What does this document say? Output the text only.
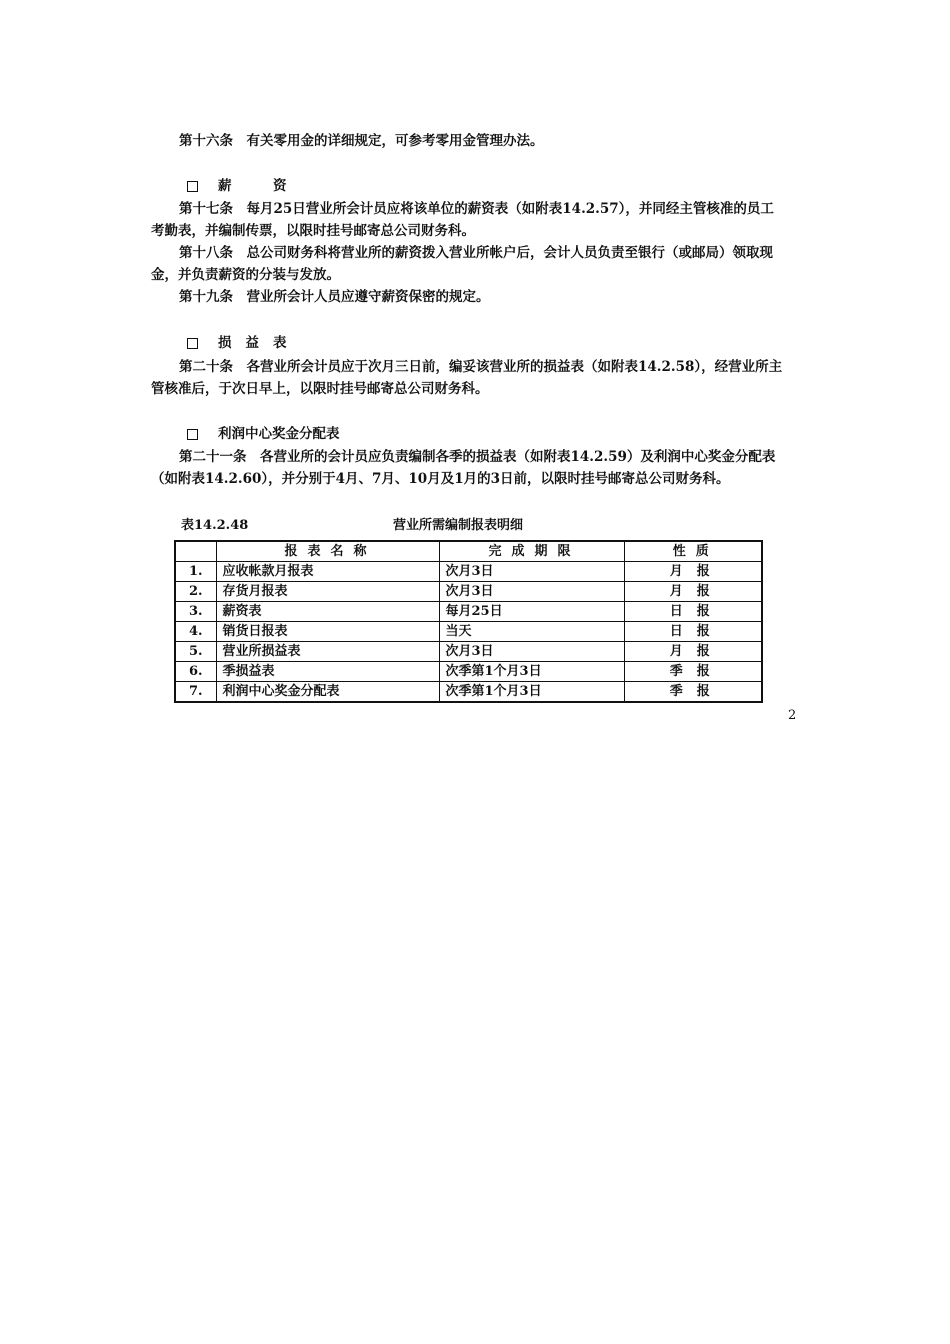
第十六条　有关零用金的详细规定，可参考零用金管理办法。

薪　资

第十七条　每月25日营业所会计员应将该单位的薪资表（如附表14.2.57），并同经主管核准的员工考勤表，并编制传票，以限时挂号邮寄总公司财务科。

第十八条　总公司财务科将营业所的薪资拨入营业所帐户后，会计人员负责至银行（或邮局）领取现金，并负责薪资的分装与发放。

第十九条　营业所会计人员应遵守薪资保密的规定。

损益表

第二十条　各营业所会计员应于次月三日前，编妥该营业所的损益表（如附表14.2.58），经营业所主管核准后，于次日早上，以限时挂号邮寄总公司财务科。

利润中心奖金分配表

第二十一条　各营业所的会计员应负责编制各季的损益表（如附表14.2.59）及利润中心奖金分配表（如附表14.2.60），并分别于4月、7月、10月及1月的3日前，以限时挂号邮寄总公司财务科。

表14.2.48	营业所需编制报表明细
	报表名称	完成期限	性质
1.	应收帐款月报表	次月3日	月报
2.	存货月报表	次月3日	月报
3.	薪资表	每月25日	日报
4.	销货日报表	当天	日报
5.	营业所损益表	次月3日	月报
6.	季损益表	次季第1个月3日	季报
7.	利润中心奖金分配表	次季第1个月3日	季报
2
